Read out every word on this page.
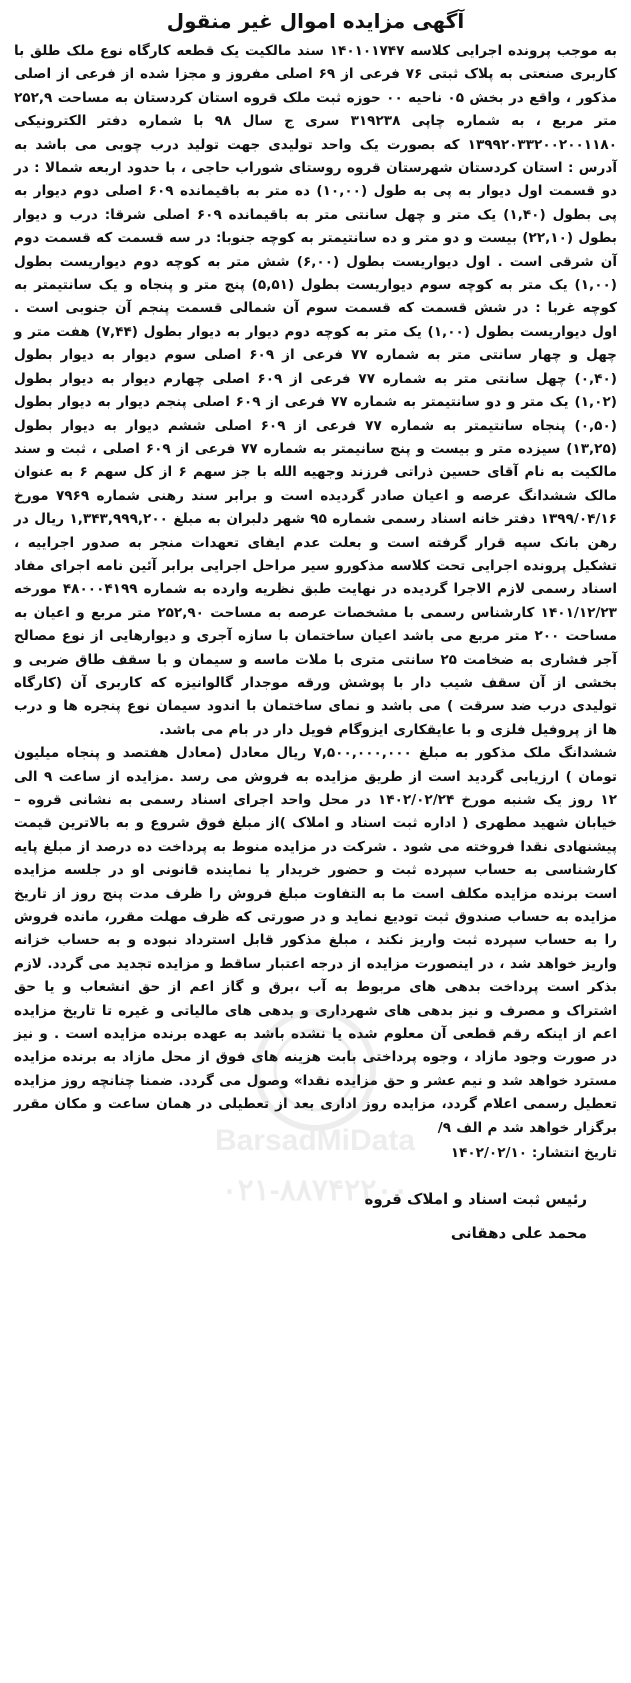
آگهی مزایده اموال غیر منقول

به موجب پرونده اجرایی کلاسه ۱۴۰۱۰۱۷۴۷ سند مالکیت یک قطعه کارگاه نوع ملک طلق با کاربری صنعتی به پلاک ثبتی ۷۶ فرعی از ۶۹ اصلی مفروز و مجزا شده از فرعی از اصلی مذکور ، واقع در بخش ۰۵ ناحیه ۰۰ حوزه ثبت ملک قروه استان کردستان به مساحت ۲۵۲,۹ متر مربع ، به شماره چاپی ۳۱۹۲۳۸ سری ج سال ۹۸ با شماره دفتر الکترونیکی ۱۳۹۹۲۰۳۳۲۰۰۲۰۰۱۱۸۰ که بصورت یک واحد تولیدی جهت تولید درب چوبی می باشد به آدرس : استان کردستان شهرستان قروه روستای شوراب حاجی ، با حدود اربعه شمالا : در دو قسمت اول دیوار به پی به طول (۱۰,۰۰) ده متر به باقیمانده ۶۰۹ اصلی دوم دیوار به پی بطول (۱,۴۰) یک متر و چهل سانتی متر به باقیمانده ۶۰۹ اصلی شرقا: درب و دیوار بطول (۲۲,۱۰) بیست و دو متر و ده سانتیمتر به کوچه جنوبا: در سه قسمت که قسمت دوم آن شرقی است . اول دیواریست بطول (۶,۰۰) شش متر به کوچه دوم دیواریست بطول (۱,۰۰) یک متر به کوچه سوم دیواریست بطول (۵,۵۱) پنج متر و پنجاه و یک سانتیمتر به کوچه غربا : در شش قسمت که قسمت سوم آن شمالی قسمت پنجم آن جنوبی است . اول دیواریست بطول (۱,۰۰) یک متر به کوچه دوم دیوار به دیوار بطول (۷,۴۴) هفت متر و چهل و چهار سانتی متر به شماره ۷۷ فرعی از ۶۰۹ اصلی سوم دیوار به دیوار بطول (۰,۴۰) چهل سانتی متر به شماره ۷۷ فرعی از ۶۰۹ اصلی چهارم دیوار به دیوار بطول (۱,۰۲) یک متر و دو سانتیمتر به شماره ۷۷ فرعی از ۶۰۹ اصلی پنجم دیوار به دیوار بطول (۰,۵۰) پنجاه سانتیمتر به شماره ۷۷ فرعی از ۶۰۹ اصلی ششم دیوار به دیوار بطول (۱۳,۲۵) سیزده متر و بیست و پنج سانیمتر به شماره ۷۷ فرعی از ۶۰۹ اصلی ، ثبت و سند مالکیت به نام آقای حسین ذراتی فرزند وجهیه الله با جز سهم ۶ از کل سهم ۶ به عنوان مالک ششدانگ عرصه و اعیان صادر گردیده است و برابر سند رهنی شماره ۷۹۶۹ مورخ ۱۳۹۹/۰۴/۱۶ دفتر خانه اسناد رسمی شماره ۹۵ شهر دلبران به مبلغ ۱,۳۴۳,۹۹۹,۲۰۰ ریال در رهن بانک سپه قرار گرفته است و بعلت عدم ایفای تعهدات منجر به صدور اجراییه ، تشکیل پرونده اجرایی تحت کلاسه مذکورو سیر مراحل اجرایی برابر آئین نامه اجرای مفاد اسناد رسمی لازم الاجرا گردیده در نهایت طبق نظریه وارده به شماره ۴۸۰۰۰۴۱۹۹ مورخه ۱۴۰۱/۱۲/۲۳ کارشناس رسمی با مشخصات عرصه به مساحت ۲۵۲,۹۰ متر مربع و اعیان به مساحت ۲۰۰ متر مربع می باشد اعیان ساختمان با سازه آجری و دیوارهایی از نوع مصالح آجر فشاری به ضخامت ۲۵ سانتی متری با ملات ماسه و سیمان و با سقف طاق ضربی و بخشی از آن سقف شیب دار با پوشش ورقه موجدار گالوانیزه که کاربری آن (کارگاه تولیدی درب ضد سرقت ) می باشد و نمای ساختمان با اندود سیمان نوع پنجره ها و درب ها از پروفیل فلزی و با عایقکاری ایزوگام فویل دار در بام می باشد.

ششدانگ ملک مذکور به مبلغ ۷,۵۰۰,۰۰۰,۰۰۰ ریال معادل (معادل هفتصد و پنجاه میلیون تومان ) ارزیابی گردید است از طریق مزایده به فروش می رسد .مزایده از ساعت ۹ الی ۱۲ روز یک شنبه مورخ ۱۴۰۲/۰۲/۲۴ در محل واحد اجرای اسناد رسمی به نشانی قروه – خیابان شهید مطهری ( اداره ثبت اسناد و املاک )از مبلغ فوق شروع و به بالاترین قیمت پیشنهادی نقدا فروخته می شود . شرکت در مزایده منوط به پرداخت ده درصد از مبلغ پایه کارشناسی به حساب سپرده ثبت و حضور خریدار یا نماینده قانونی او در جلسه مزایده است برنده مزایده مکلف است ما به التفاوت مبلغ فروش را ظرف مدت پنج روز از تاریخ مزایده به حساب صندوق ثبت تودیع نماید و در صورتی که ظرف مهلت مقرر، مانده فروش را به حساب سپرده ثبت واریز نکند ، مبلغ مذکور قابل استرداد نبوده و به حساب خزانه واریز خواهد شد ، در اینصورت مزایده از درجه اعتبار ساقط و مزایده تجدید می گردد. لازم بذکر است پرداخت بدهی های مربوط به آب ،برق و گاز اعم از حق انشعاب و یا حق اشتراک و مصرف و نیز بدهی های شهرداری و بدهی های مالیاتی و غیره تا تاریخ مزایده اعم از اینکه رقم قطعی آن معلوم شده یا نشده باشد به عهده برنده مزایده است . و نیز در صورت وجود مازاد ، وجوه پرداختی بابت هزینه های فوق از محل مازاد به برنده مزایده مسترد خواهد شد و نیم عشر و حق مزایده نقدا» وصول می گردد. ضمنا چنانچه روز مزایده تعطیل رسمی اعلام گردد، مزایده روز اداری بعد از تعطیلی در همان ساعت و مکان مقرر برگزار خواهد شد م الف ۹/

تاریخ انتشار: ۱۴۰۲/۰۲/۱۰
رئیس ثبت اسناد و املاک قروه
محمد علی دهقانی
BarsadMiData
۰۲۱-۸۸۷۴۲۲۰۰
